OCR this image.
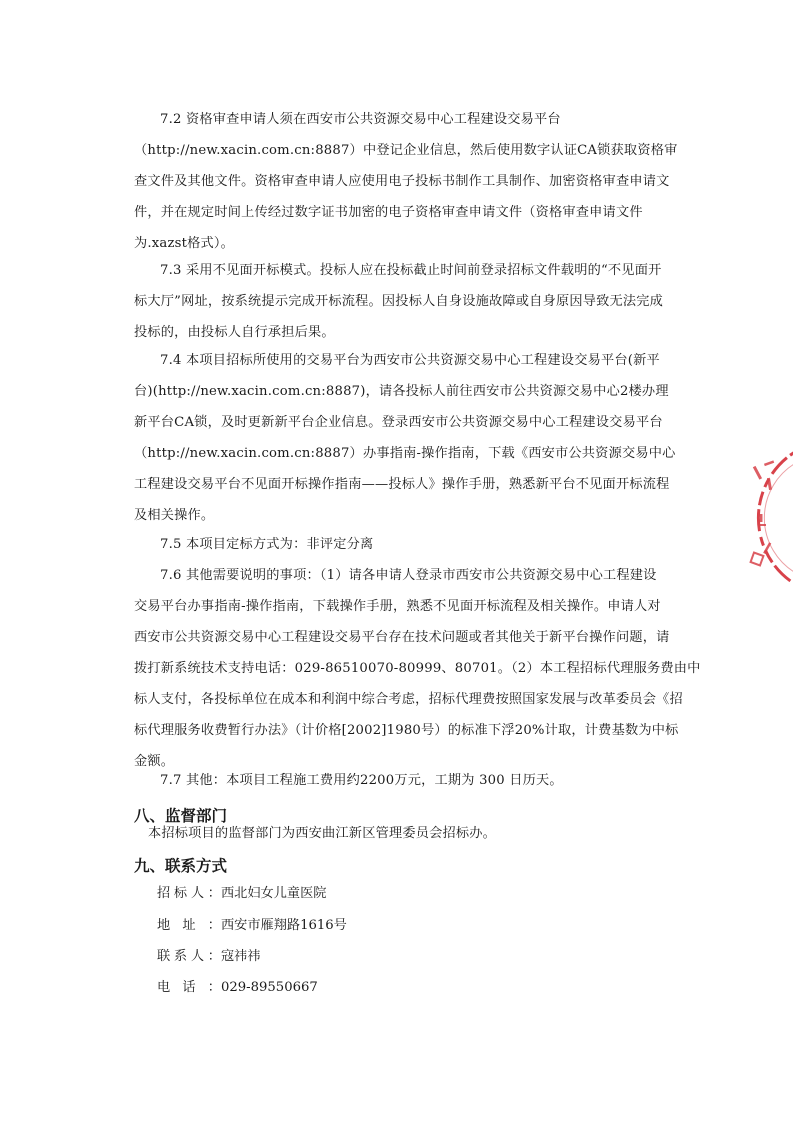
7.2 资格审查申请人须在西安市公共资源交易中心工程建设交易平台
（http://new.xacin.com.cn:8887）中登记企业信息，然后使用数字认证CA锁获取资格审
查文件及其他文件。资格审查申请人应使用电子投标书制作工具制作、加密资格审查申请文
件，并在规定时间上传经过数字证书加密的电子资格审查申请文件（资格审查申请文件
为.xazst格式）。
7.3 采用不见面开标模式。投标人应在投标截止时间前登录招标文件载明的“不见面开
标大厅”网址，按系统提示完成开标流程。因投标人自身设施故障或自身原因导致无法完成
投标的，由投标人自行承担后果。
7.4 本项目招标所使用的交易平台为西安市公共资源交易中心工程建设交易平台(新平
台)(http://new.xacin.com.cn:8887)，请各投标人前往西安市公共资源交易中心2楼办理
新平台CA锁，及时更新新平台企业信息。登录西安市公共资源交易中心工程建设交易平台
（http://new.xacin.com.cn:8887）办事指南-操作指南，下载《西安市公共资源交易中心
工程建设交易平台不见面开标操作指南——投标人》操作手册，熟悉新平台不见面开标流程
及相关操作。
7.5 本项目定标方式为：非评定分离
7.6 其他需要说明的事项：（1）请各申请人登录市西安市公共资源交易中心工程建设
交易平台办事指南-操作指南，下载操作手册，熟悉不见面开标流程及相关操作。申请人对
西安市公共资源交易中心工程建设交易平台存在技术问题或者其他关于新平台操作问题，请
拨打新系统技术支持电话：029-86510070-80999、80701。（2）本工程招标代理服务费由中
标人支付，各投标单位在成本和利润中综合考虑，招标代理费按照国家发展与改革委员会《招
标代理服务收费暂行办法》（计价格[2002]1980号）的标准下浮20%计取，计费基数为中标
金额。
7.7 其他：本项目工程施工费用约2200万元，工期为 300 日历天。

八、监督部门

本招标项目的监督部门为西安曲江新区管理委员会招标办。

九、联系方式

招标人：西北妇女儿童医院

地址：西安市雁翔路1616号

联系人：寇祎祎

电话：029-89550667
